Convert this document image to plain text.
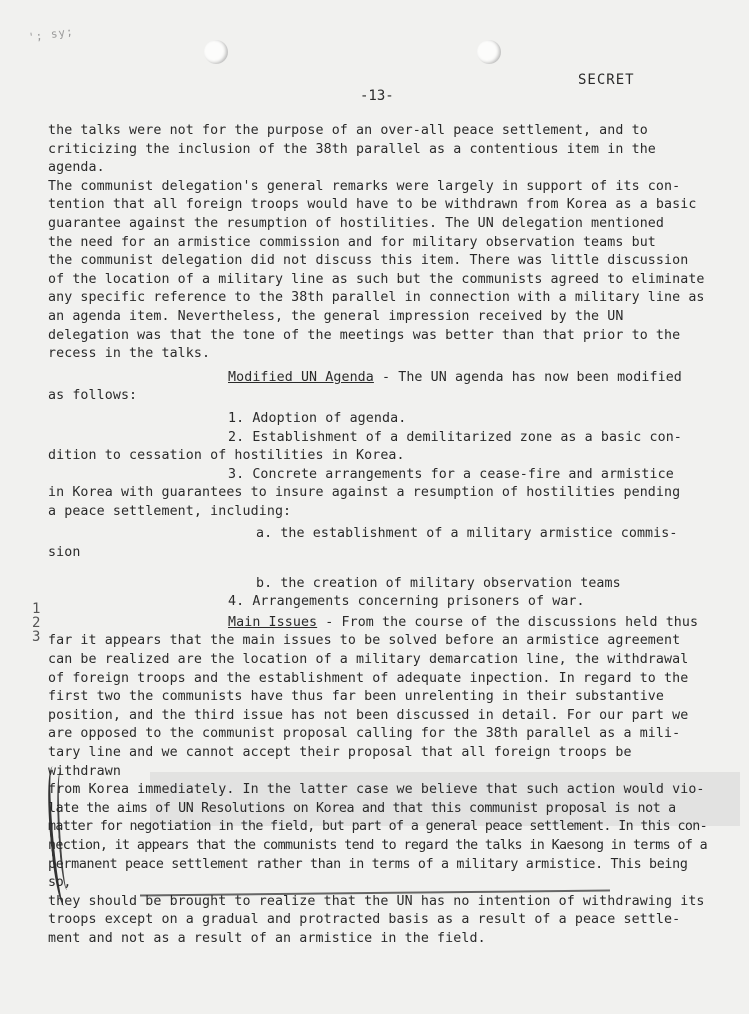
'; sy;
SECRET
-13-
1
2
3

the talks were not for the purpose of an over-all peace settlement, and to

criticizing the inclusion of the 38th parallel as a contentious item in the agenda.

The communist delegation's general remarks were largely in support of its con-

tention that all foreign troops would have to be withdrawn from Korea as a basic

guarantee against the resumption of hostilities. The UN delegation mentioned

the need for an armistice commission and for military observation teams but

the communist delegation did not discuss this item. There was little discussion

of the location of a military line as such but the communists agreed to eliminate

any specific reference to the 38th parallel in connection with a military line as

an agenda item. Nevertheless, the general impression received by the UN

delegation was that the tone of the meetings was better than that prior to the

recess in the talks.

Modified UN Agenda - The UN agenda has now been modified

as follows:

1. Adoption of agenda.

2. Establishment of a demilitarized zone as a basic con-

dition to cessation of hostilities in Korea.

3. Concrete arrangements for a cease-fire and armistice

in Korea with guarantees to insure against a resumption of hostilities pending

a peace settlement, including:

a. the establishment of a military armistice commis-

sion

b. the creation of military observation teams

4. Arrangements concerning prisoners of war.

Main Issues - From the course of the discussions held thus

far it appears that the main issues to be solved before an armistice agreement

can be realized are the location of a military demarcation line, the withdrawal

of foreign troops and the establishment of adequate inpection. In regard to the

first two the communists have thus far been unrelenting in their substantive

position, and the third issue has not been discussed in detail. For our part we

are opposed to the communist proposal calling for the 38th parallel as a mili-

tary line and we cannot accept their proposal that all foreign troops be withdrawn

from Korea immediately. In the latter case we believe that such action would vio-

late the aims of UN Resolutions on Korea and that this communist proposal is not a

matter for negotiation in the field, but part of a general peace settlement. In this con-

nection, it appears that the communists tend to regard the talks in Kaesong in terms of a

permanent peace settlement rather than in terms of a military armistice. This being so,

they should be brought to realize that the UN has no intention of withdrawing its

troops except on a gradual and protracted basis as a result of a peace settle-

ment and not as a result of an armistice in the field.
